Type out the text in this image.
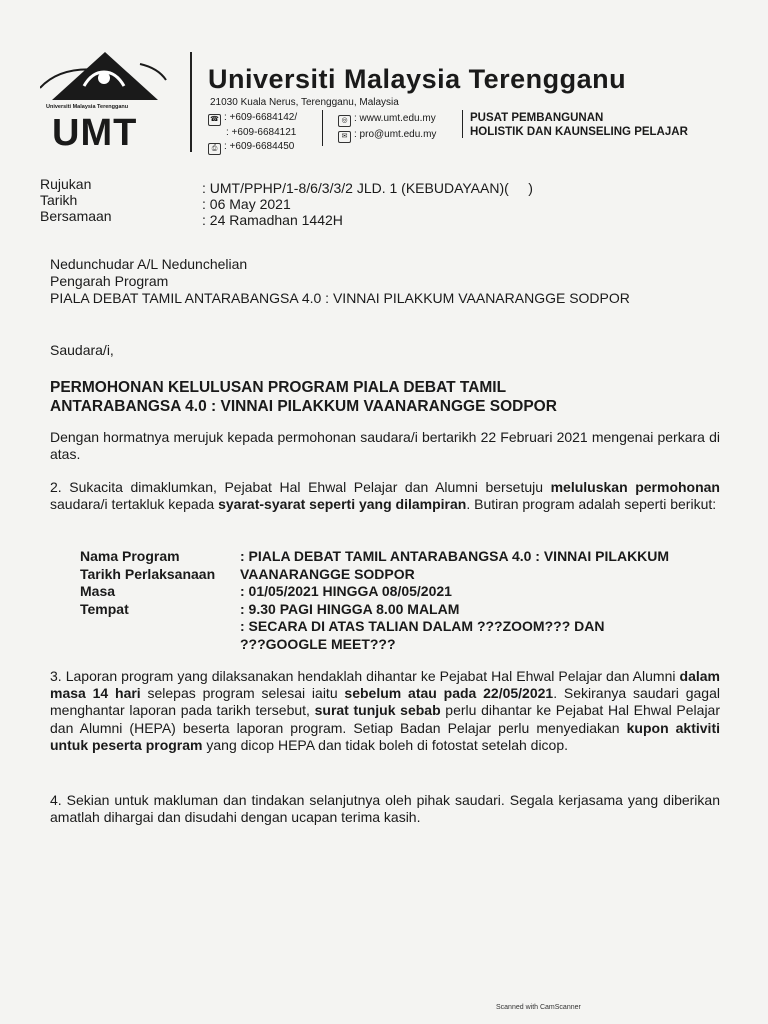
Universiti Malaysia Terengganu
UMT
Universiti Malaysia Terengganu
21030 Kuala Nerus, Terengganu, Malaysia
☎ : +609-6684142/
: +609-6684121
⎙ : +609-6684450
◎ : www.umt.edu.my
✉ : pro@umt.edu.my
PUSAT PEMBANGUNAN
HOLISTIK DAN KAUNSELING PELAJAR
Rujukan
Tarikh
Bersamaan
: UMT/PPHP/1-8/6/3/3/2 JLD. 1 (KEBUDAYAAN)(     )
: 06 May 2021
: 24 Ramadhan 1442H
Nedunchudar A/L Nedunchelian
Pengarah Program
PIALA DEBAT TAMIL ANTARABANGSA 4.0 : VINNAI PILAKKUM VAANARANGGE SODPOR
Saudara/i,
PERMOHONAN KELULUSAN PROGRAM PIALA DEBAT TAMIL
ANTARABANGSA 4.0 : VINNAI PILAKKUM VAANARANGGE SODPOR
Dengan hormatnya merujuk kepada permohonan saudara/i bertarikh 22 Februari 2021 mengenai perkara di atas.
2. Sukacita dimaklumkan, Pejabat Hal Ehwal Pelajar dan Alumni bersetuju meluluskan permohonan saudara/i tertakluk kepada syarat-syarat seperti yang dilampiran. Butiran program adalah seperti berikut:
Nama Program
Tarikh Perlaksanaan
Masa
Tempat
: PIALA DEBAT TAMIL ANTARABANGSA 4.0 : VINNAI PILAKKUM
VAANARANGGE SODPOR
: 01/05/2021 HINGGA 08/05/2021
: 9.30 PAGI HINGGA 8.00 MALAM
: SECARA DI ATAS TALIAN DALAM ???ZOOM??? DAN
???GOOGLE MEET???
3. Laporan program yang dilaksanakan hendaklah dihantar ke Pejabat Hal Ehwal Pelajar dan Alumni dalam masa 14 hari selepas program selesai iaitu sebelum atau pada 22/05/2021. Sekiranya saudari gagal menghantar laporan pada tarikh tersebut, surat tunjuk sebab perlu dihantar ke Pejabat Hal Ehwal Pelajar dan Alumni (HEPA) beserta laporan program. Setiap Badan Pelajar perlu menyediakan kupon aktiviti untuk peserta program yang dicop HEPA dan tidak boleh di fotostat setelah dicop.
4. Sekian untuk makluman dan tindakan selanjutnya oleh pihak saudari. Segala kerjasama yang diberikan amatlah dihargai dan disudahi dengan ucapan terima kasih.
Scanned with CamScanner
